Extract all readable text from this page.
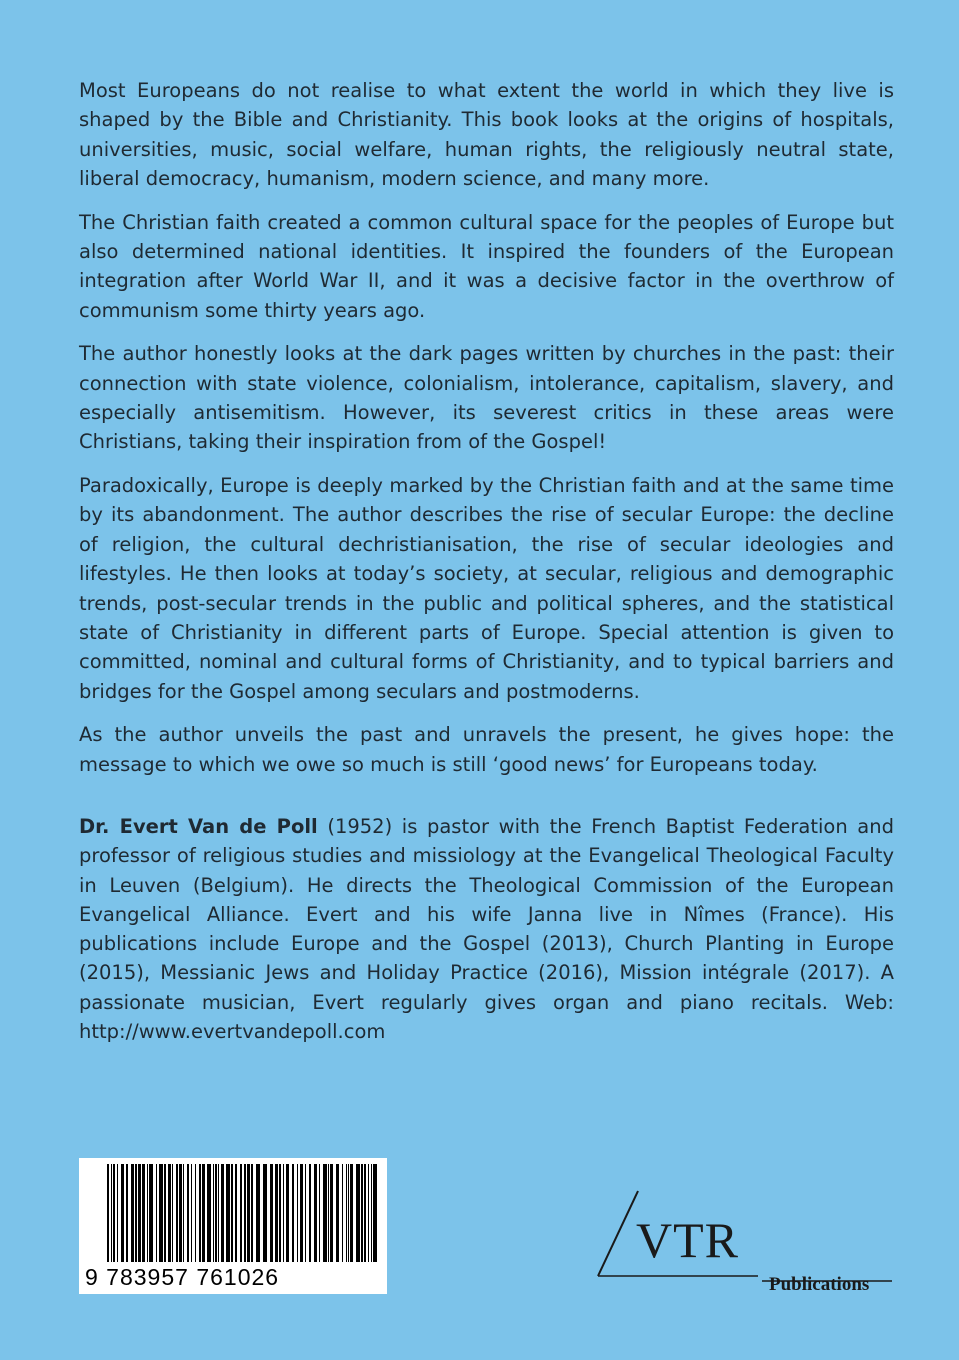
Most Europeans do not realise to what extent the world in which they live is shaped by the Bible and Christianity. This book looks at the origins of hospitals, universities, music, social welfare, human rights, the religiously neutral state, liberal democracy, humanism, modern science, and many more.

The Christian faith created a common cultural space for the peoples of Europe but also determined national identities. It inspired the founders of the European integration after World War II, and it was a decisive factor in the overthrow of communism some thirty years ago.

The author honestly looks at the dark pages written by churches in the past: their connection with state violence, colonialism, intolerance, capitalism, slavery, and especially antisemitism. However, its severest critics in these areas were Christians, taking their inspiration from of the Gospel!

Paradoxically, Europe is deeply marked by the Christian faith and at the same time by its abandonment. The author describes the rise of secular Europe: the decline of religion, the cultural dechristianisation, the rise of secular ideologies and lifestyles. He then looks at today’s society, at secular, religious and demographic trends, post-secular trends in the public and political spheres, and the statistical state of Christianity in different parts of Europe. Special attention is given to committed, nominal and cultural forms of Christianity, and to typical barriers and bridges for the Gospel among seculars and postmoderns.

As the author unveils the past and unravels the present, he gives hope: the message to which we owe so much is still ‘good news’ for Europeans today.

Dr. Evert Van de Poll (1952) is pastor with the French Baptist Federation and professor of religious studies and missiology at the Evangelical Theological Faculty in Leuven (Belgium). He directs the Theological Commission of the European Evangelical Alliance. Evert and his wife Janna live in Nîmes (France). His publications include Europe and the Gospel (2013), Church Planting in Europe (2015), Messianic Jews and Holiday Practice (2016), Mission intégrale (2017). A passionate musician, Evert regularly gives organ and piano recitals. Web: http://www.evertvandepoll.com

9 783957 761026
VTR
Publications
